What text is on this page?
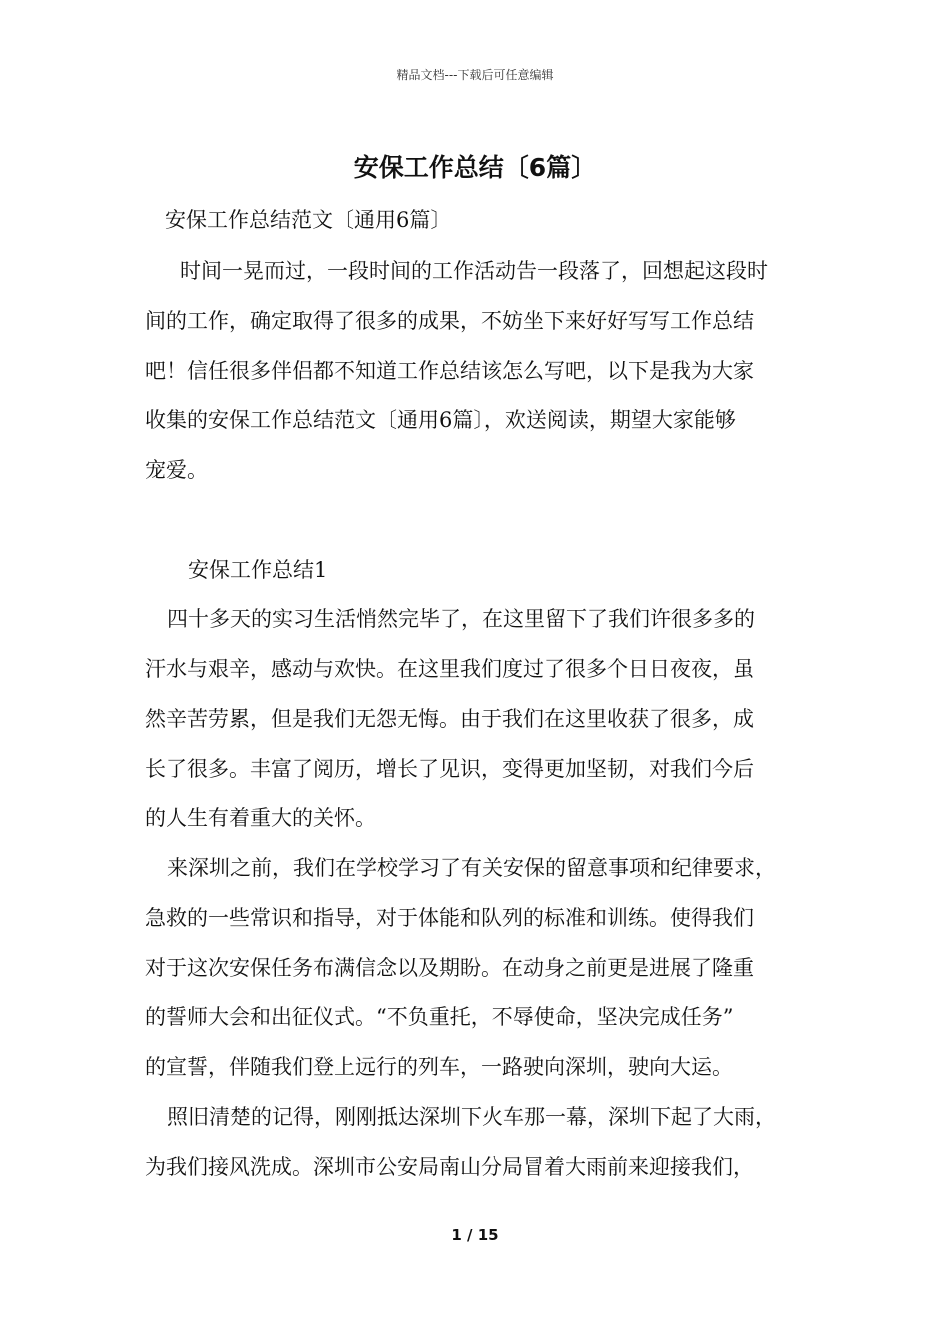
精品文档---下载后可任意编辑
安保工作总结〔6篇〕
安保工作总结范文〔通用6篇〕
时间一晃而过，一段时间的工作活动告一段落了，回想起这段时
间的工作，确定取得了很多的成果，不妨坐下来好好写写工作总结
吧！信任很多伴侣都不知道工作总结该怎么写吧，以下是我为大家
收集的安保工作总结范文〔通用6篇〕，欢送阅读，期望大家能够
宠爱。
安保工作总结1
四十多天的实习生活悄然完毕了，在这里留下了我们许很多多的
汗水与艰辛，感动与欢快。在这里我们度过了很多个日日夜夜，虽
然辛苦劳累，但是我们无怨无悔。由于我们在这里收获了很多，成
长了很多。丰富了阅历，增长了见识，变得更加坚韧，对我们今后
的人生有着重大的关怀。
来深圳之前，我们在学校学习了有关安保的留意事项和纪律要求，
急救的一些常识和指导，对于体能和队列的标准和训练。使得我们
对于这次安保任务布满信念以及期盼。在动身之前更是进展了隆重
的誓师大会和出征仪式。“不负重托，不辱使命，坚决完成任务”
的宣誓，伴随我们登上远行的列车，一路驶向深圳，驶向大运。
照旧清楚的记得，刚刚抵达深圳下火车那一幕，深圳下起了大雨，
为我们接风洗成。深圳市公安局南山分局冒着大雨前来迎接我们，
1 / 15
